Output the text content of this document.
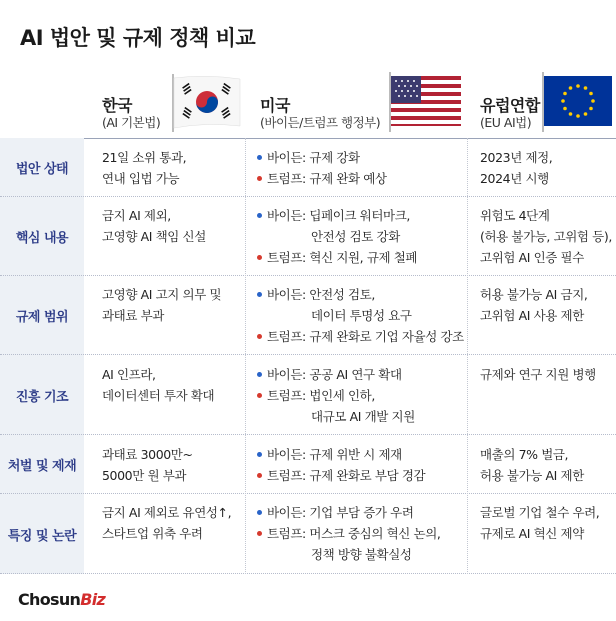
AI 법안 및 규제 정책 비교
한국
(AI 기본법)
미국
(바이든/트럼프 행정부)
유럽연합
(EU AI법)
법안 상태
21일 소위 통과,
연내 입법 가능
바이든: 규제 강화
트럼프: 규제 완화 예상
2023년 제정,
2024년 시행
핵심 내용
금지 AI 제외,
고영향 AI 책임 신설
바이든: 딥페이크 워터마크,
안전성 검토 강화
트럼프: 혁신 지원, 규제 철폐
위험도 4단계
(허용 불가능, 고위험 등),
고위험 AI 인증 필수
규제 범위
고영향 AI 고지 의무 및
과태료 부과
바이든: 안전성 검토,
데이터 투명성 요구
트럼프: 규제 완화로 기업 자율성 강조
허용 불가능 AI 금지,
고위험 AI 사용 제한
진흥 기조
AI 인프라,
데이터센터 투자 확대
바이든: 공공 AI 연구 확대
트럼프: 법인세 인하,
대규모 AI 개발 지원
규제와 연구 지원 병행
처벌 및 제재
과태료 3000만~
5000만 원 부과
바이든: 규제 위반 시 제재
트럼프: 규제 완화로 부담 경감
매출의 7% 벌금,
허용 불가능 AI 제한
특징 및 논란
금지 AI 제외로 유연성↑,
스타트업 위축 우려
바이든: 기업 부담 증가 우려
트럼프: 머스크 중심의 혁신 논의,
정책 방향 불확실성
글로벌 기업 철수 우려,
규제로 AI 혁신 제약
ChosunBiz
